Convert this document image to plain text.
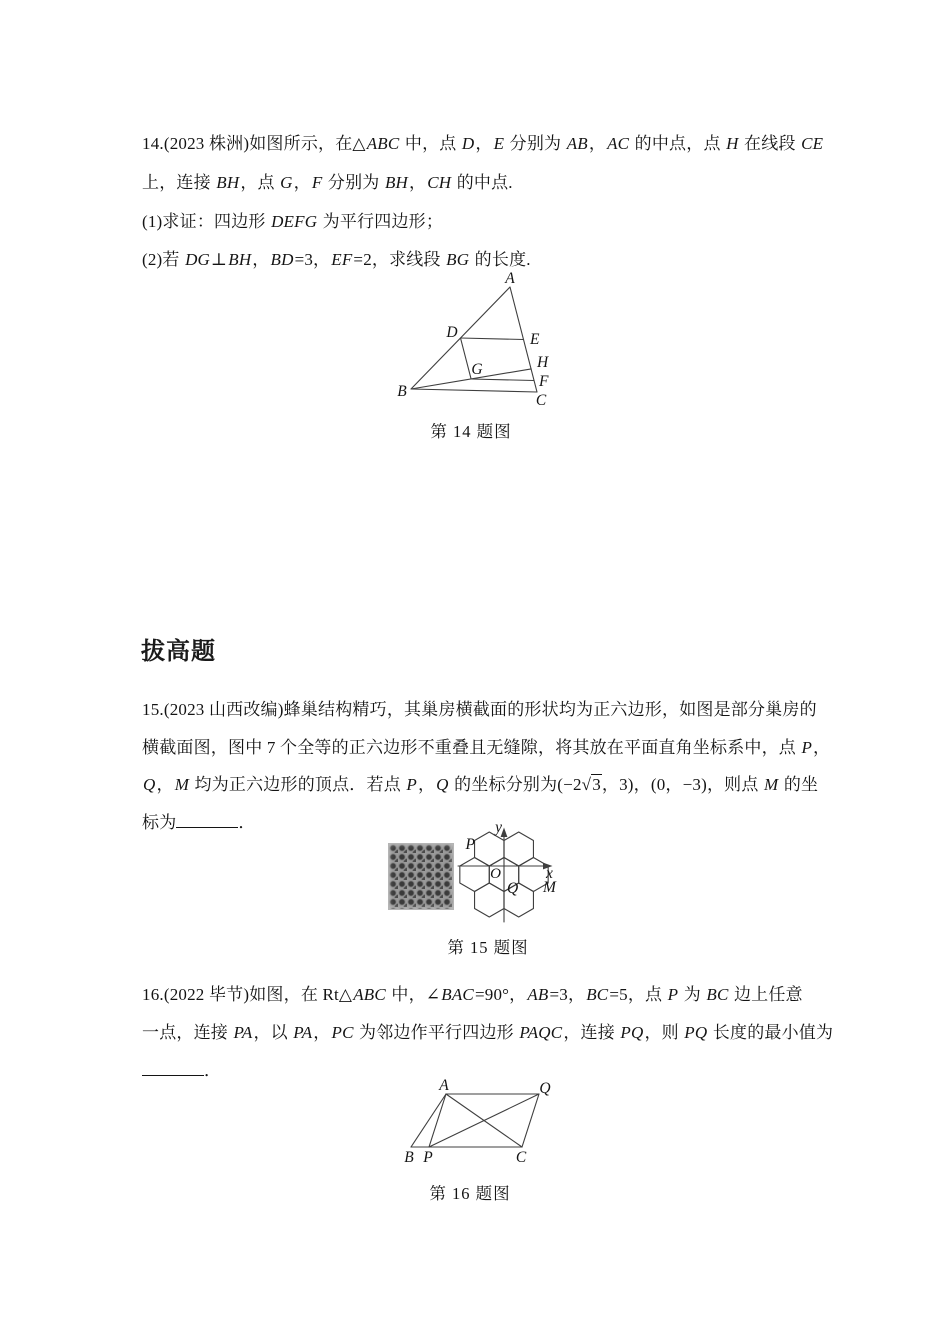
14.(2023 株洲)如图所示，在△ABC 中，点 D，E 分别为 AB，AC 的中点，点 H 在线段 CE

上，连接 BH，点 G，F 分别为 BH，CH 的中点.

(1)求证：四边形 DEFG 为平行四边形；

(2)若 DG⊥BH，BD=3，EF=2，求线段 BG 的长度.

A
B
C
D	E
F
G	H
第 14 题图
拔高题

15.(2023 山西改编)蜂巢结构精巧，其巢房横截面的形状均为正六边形，如图是部分巢房的

横截面图，图中 7 个全等的正六边形不重叠且无缝隙，将其放在平面直角坐标系中，点 P，

Q，M 均为正六边形的顶点．若点 P，Q 的坐标分别为(−2√3，3)，(0，−3)，则点 M 的坐

标为	．	y
x
O
P
Q M
第 15 题图

16.(2022 毕节)如图，在 Rt△ABC 中，∠BAC=90°，AB=3，BC=5，点 P 为 BC 边上任意

一点，连接 PA，以 PA，PC 为邻边作平行四边形 PAQC，连接 PQ，则 PQ 长度的最小值为

．

A	Q
B P	C
第 16 题图
